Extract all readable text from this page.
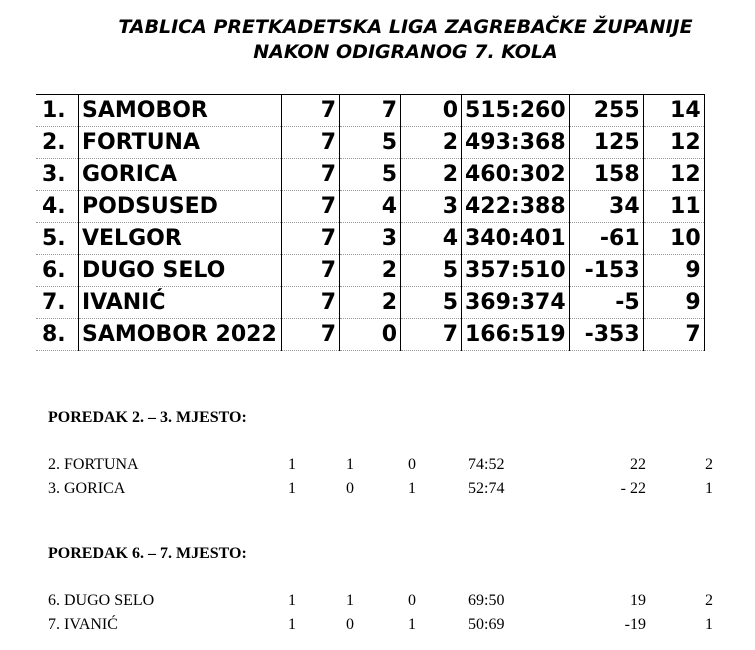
TABLICA PRETKADETSKA LIGA ZAGREBAČKE ŽUPANIJE
NAKON ODIGRANOG 7. KOLA
1.	SAMOBOR	7	7	0	515:260	255	14
2.	FORTUNA	7	5	2	493:368	125	12
3.	GORICA	7	5	2	460:302	158	12
4.	PODSUSED	7	4	3	422:388	34	11
5.	VELGOR	7	3	4	340:401	-61	10
6.	DUGO SELO	7	2	5	357:510	-153	9
7.	IVANIĆ	7	2	5	369:374	-5	9
8.	SAMOBOR 2022	7	0	7	166:519	-353	7
POREDAK 2. – 3. MJESTO:
2. FORTUNA	1	1	0	74:52	22	2
3. GORICA	1	0	1	52:74	- 22	1
POREDAK 6. – 7. MJESTO:
6. DUGO SELO	1	1	0	69:50	19	2
7. IVANIĆ	1	0	1	50:69	-19	1
